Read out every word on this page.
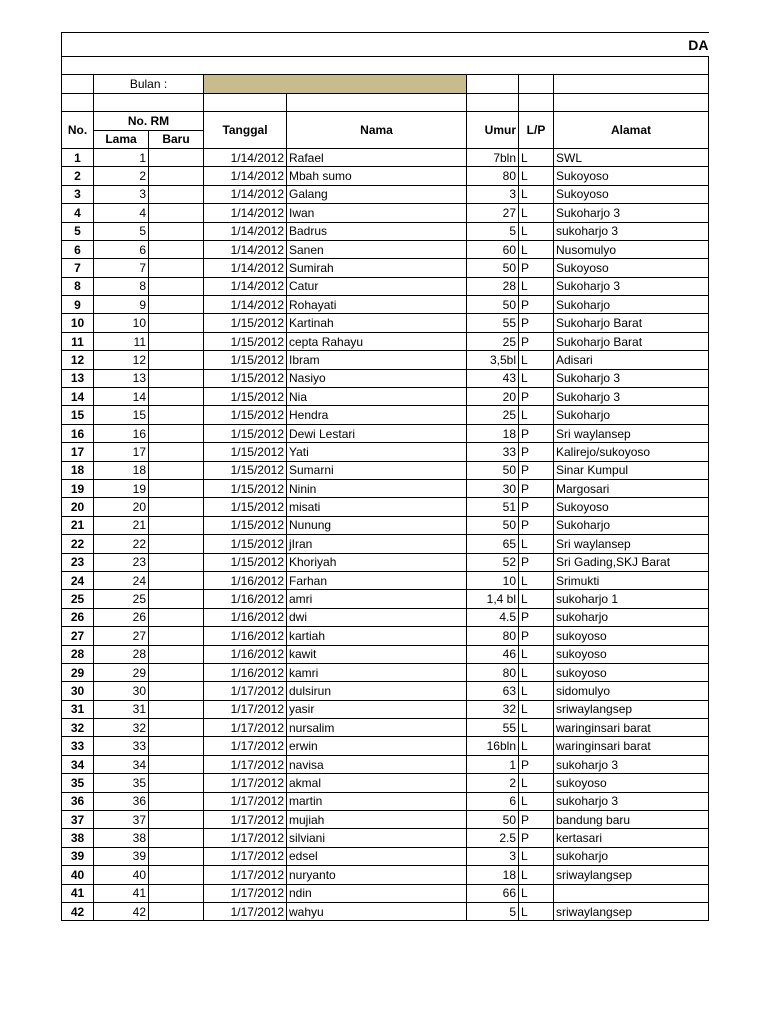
DA							

	Bulan :						

No.	No. RM		Tanggal	Nama	Umur	L/P	Alamat
	Lama	Baru					
1	1		1/14/2012	Rafael	7bln	L	SWL
2	2		1/14/2012	Mbah sumo	80	L	Sukoyoso
3	3		1/14/2012	Galang	3	L	Sukoyoso
4	4		1/14/2012	Iwan	27	L	Sukoharjo 3
5	5		1/14/2012	Badrus	5	L	sukoharjo 3
6	6		1/14/2012	Sanen	60	L	Nusomulyo
7	7		1/14/2012	Sumirah	50	P	Sukoyoso
8	8		1/14/2012	Catur	28	L	Sukoharjo 3
9	9		1/14/2012	Rohayati	50	P	Sukoharjo
10	10		1/15/2012	Kartinah	55	P	Sukoharjo Barat
11	11		1/15/2012	cepta Rahayu	25	P	Sukoharjo Barat
12	12		1/15/2012	Ibram	3,5bl	L	Adisari
13	13		1/15/2012	Nasiyo	43	L	Sukoharjo 3
14	14		1/15/2012	Nia	20	P	Sukoharjo 3
15	15		1/15/2012	Hendra	25	L	Sukoharjo
16	16		1/15/2012	Dewi Lestari	18	P	Sri waylansep
17	17		1/15/2012	Yati	33	P	Kalirejo/sukoyoso
18	18		1/15/2012	Sumarni	50	P	Sinar Kumpul
19	19		1/15/2012	Ninin	30	P	Margosari
20	20		1/15/2012	misati	51	P	Sukoyoso
21	21		1/15/2012	Nunung	50	P	Sukoharjo
22	22		1/15/2012	jIran	65	L	Sri waylansep
23	23		1/15/2012	Khoriyah	52	P	Sri Gading,SKJ Barat
24	24		1/16/2012	Farhan	10	L	Srimukti
25	25		1/16/2012	amri	1,4 bl	L	sukoharjo 1
26	26		1/16/2012	dwi	4.5	P	sukoharjo
27	27		1/16/2012	kartiah	80	P	sukoyoso
28	28		1/16/2012	kawit	46	L	sukoyoso
29	29		1/16/2012	kamri	80	L	sukoyoso
30	30		1/17/2012	dulsirun	63	L	sidomulyo
31	31		1/17/2012	yasir	32	L	sriwaylangsep
32	32		1/17/2012	nursalim	55	L	waringinsari barat
33	33		1/17/2012	erwin	16bln	L	waringinsari barat
34	34		1/17/2012	navisa	1	P	sukoharjo 3
35	35		1/17/2012	akmal	2	L	sukoyoso
36	36		1/17/2012	martin	6	L	sukoharjo 3
37	37		1/17/2012	mujiah	50	P	bandung baru
38	38		1/17/2012	silviani	2.5	P	kertasari
39	39		1/17/2012	edsel	3	L	sukoharjo
40	40		1/17/2012	nuryanto	18	L	sriwaylangsep
41	41		1/17/2012	ndin	66	L	
42	42		1/17/2012	wahyu	5	L	sriwaylangsep
